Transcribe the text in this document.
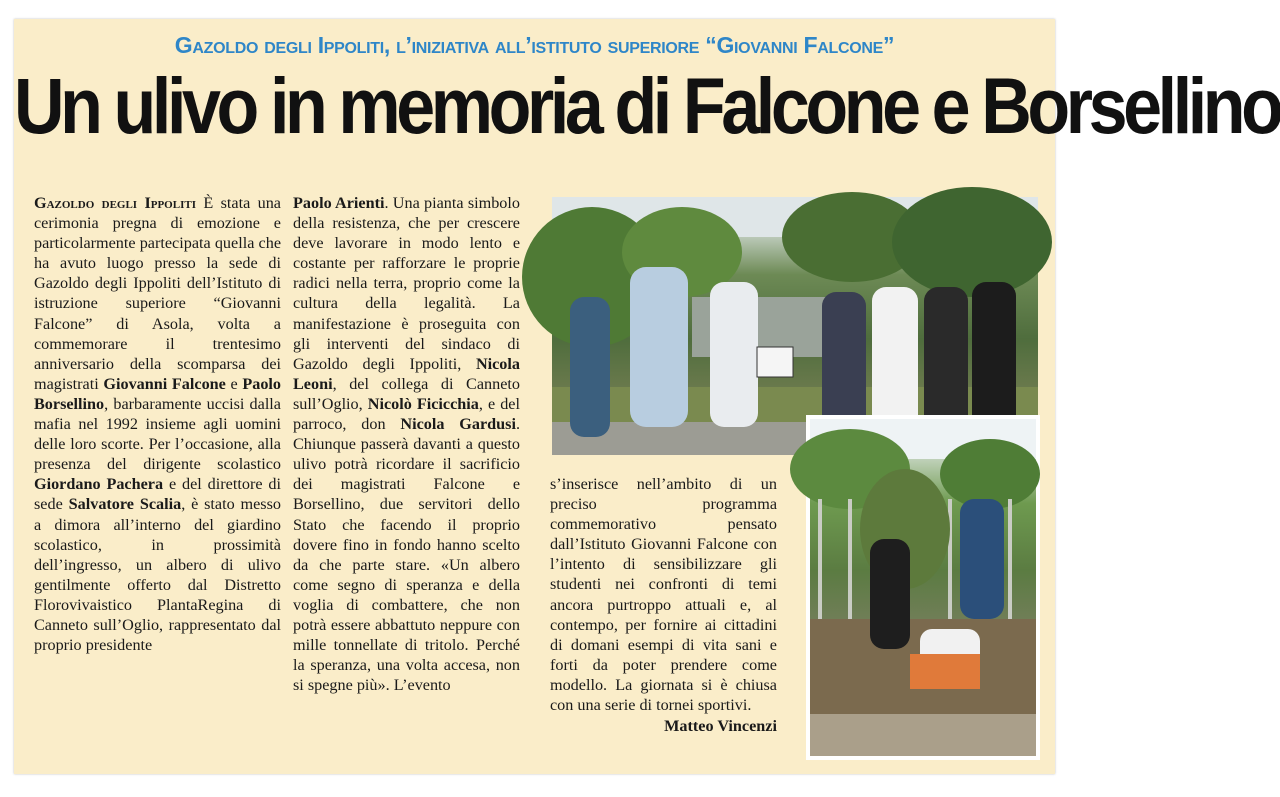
Gazoldo degli Ippoliti, l’iniziativa all’istituto superiore “Giovanni Falcone”
Un ulivo in memoria di Falcone e Borsellino

Gazoldo degli Ippoliti È stata una cerimonia pregna di emozione e particolarmente partecipata quella che ha avuto luogo presso la sede di Gazoldo degli Ippoliti dell’Istituto di istruzione superiore “Giovanni Falcone” di Asola, volta a commemorare il trentesimo anniversario della scomparsa dei magistrati Giovanni Falcone e Paolo Borsellino, barbaramente uccisi dalla mafia nel 1992 insieme agli uomini delle loro scorte. Per l’occasione, alla presenza del dirigente scolastico Giordano Pachera e del direttore di sede Salvatore Scalia, è stato messo a dimora all’interno del giardino scolastico, in prossimità dell’ingresso, un albero di ulivo gentilmente offerto dal Distretto Florovivaistico PlantaRegina di Canneto sull’Oglio, rappresentato dal proprio presidente

Paolo Arienti. Una pianta simbolo della resistenza, che per crescere deve lavorare in modo lento e costante per rafforzare le proprie radici nella terra, proprio come la cultura della legalità. La manifestazione è proseguita con gli interventi del sindaco di Gazoldo degli Ippoliti, Nicola Leoni, del collega di Canneto sull’Oglio, Nicolò Ficicchia, e del parroco, don Nicola Gardusi. Chiunque passerà davanti a questo ulivo potrà ricordare il sacrificio dei magistrati Falcone e Borsellino, due servitori dello Stato che facendo il proprio dovere fino in fondo hanno scelto da che parte stare. «Un albero come segno di speranza e della voglia di combattere, che non potrà essere abbattuto neppure con mille tonnellate di tritolo. Perché la speranza, una volta accesa, non si spegne più». L’evento

s’inserisce nell’ambito di un preciso programma commemorativo pensato dall’Istituto Giovanni Falcone con l’intento di sensibilizzare gli studenti nei confronti di temi ancora purtroppo attuali e, al contempo, per fornire ai cittadini di domani esempi di vita sani e forti da poter prendere come modello. La giornata si è chiusa con una serie di tornei sportivi.

Matteo Vincenzi
